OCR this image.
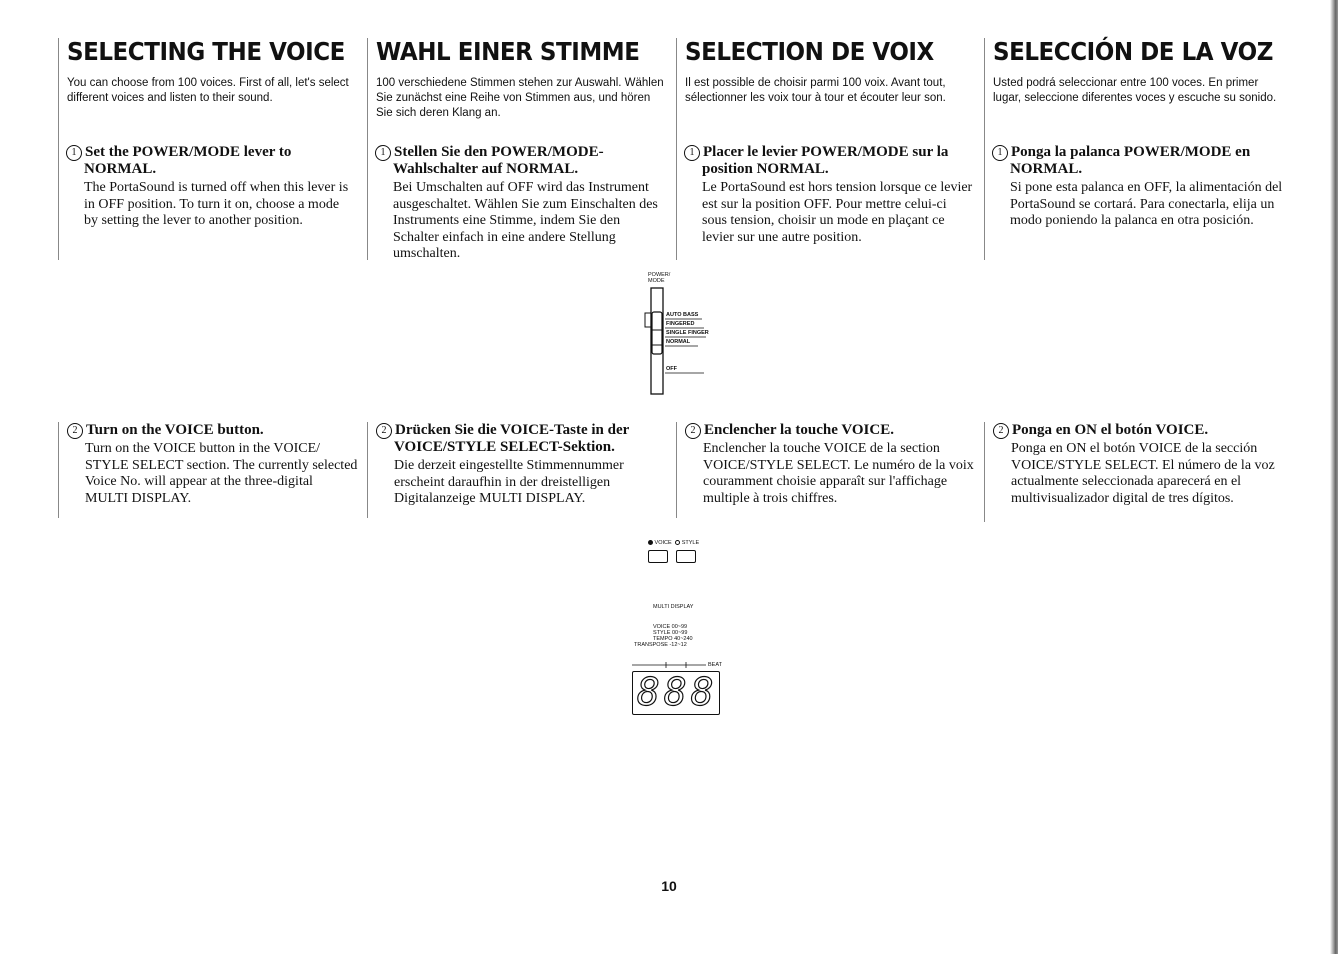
SELECTING THE VOICE

You can choose from 100 voices. First of all, let's select different voices and listen to their sound.

1 Set the POWER/MODE lever to NORMAL.

The PortaSound is turned off when this lever is in OFF position. To turn it on, choose a mode by setting the lever to another position.

WAHL EINER STIMME

100 verschiedene Stimmen stehen zur Auswahl. Wählen Sie zunächst eine Reihe von Stimmen aus, und hören Sie sich deren Klang an.

1 Stellen Sie den POWER/MODE-Wahlschalter auf NORMAL.

Bei Umschalten auf OFF wird das Instrument ausgeschaltet. Wählen Sie zum Einschalten des Instruments eine Stimme, indem Sie den Schalter einfach in eine andere Stellung umschalten.

SELECTION DE VOIX

Il est possible de choisir parmi 100 voix. Avant tout, sélectionner les voix tour à tour et écouter leur son.

1 Placer le levier POWER/MODE sur la position NORMAL.

Le PortaSound est hors tension lorsque ce levier est sur la position OFF. Pour mettre celui-ci sous tension, choisir un mode en plaçant ce levier sur une autre position.

SELECCIÓN DE LA VOZ

Usted podrá seleccionar entre 100 voces. En primer lugar, seleccione diferentes voces y escuche su sonido.

1 Ponga la palanca POWER/MODE en NORMAL.

Si pone esta palanca en OFF, la alimentación del PortaSound se cortará. Para conectarla, elija un modo poniendo la palanca en otra posición.

POWER/
MODE
AUTO BASS
FINGERED
SINGLE FINGER
NORMAL
OFF

2 Turn on the VOICE button.

Turn on the VOICE button in the VOICE/ STYLE SELECT section. The currently selected Voice No. will appear at the three-digital MULTI DISPLAY.

2 Drücken Sie die VOICE-Taste in der VOICE/STYLE SELECT-Sektion.

Die derzeit eingestellte Stimmennummer erscheint daraufhin in der dreistelligen Digitalanzeige MULTI DISPLAY.

2 Enclencher la touche VOICE.

Enclencher la touche VOICE de la section VOICE/STYLE SELECT. Le numéro de la voix couramment choisie apparaît sur l'affichage multiple à trois chiffres.

2 Ponga en ON el botón VOICE.

Ponga en ON el botón VOICE de la sección VOICE/STYLE SELECT. El número de la voz actualmente seleccionada aparecerá en el multivisualizador digital de tres dígitos.

VOICE STYLE
MULTI DISPLAY
VOICE 00~99
STYLE 00~99
TEMPO 40~240
TRANSPOSE -12~12
BEAT
888
10
